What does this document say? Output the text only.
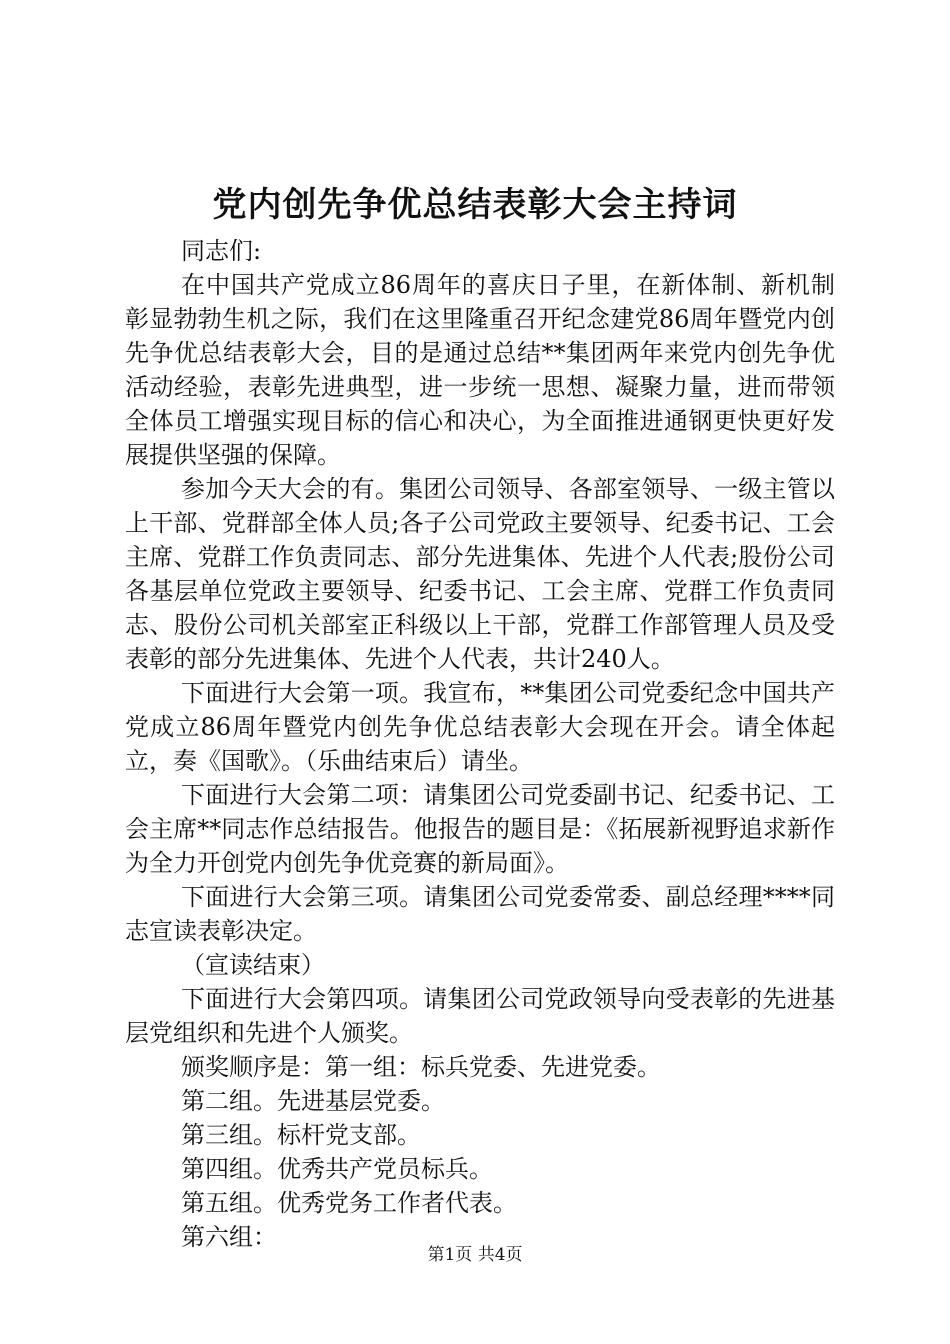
党内创先争优总结表彰大会主持词

同志们:

在中国共产党成立86周年的喜庆日子里，在新体制、新机制彰显勃勃生机之际，我们在这里隆重召开纪念建党86周年暨党内创先争优总结表彰大会，目的是通过总结**集团两年来党内创先争优活动经验，表彰先进典型，进一步统一思想、凝聚力量，进而带领全体员工增强实现目标的信心和决心，为全面推进通钢更快更好发展提供坚强的保障。

参加今天大会的有。集团公司领导、各部室领导、一级主管以上干部、党群部全体人员;各子公司党政主要领导、纪委书记、工会主席、党群工作负责同志、部分先进集体、先进个人代表;股份公司各基层单位党政主要领导、纪委书记、工会主席、党群工作负责同志、股份公司机关部室正科级以上干部，党群工作部管理人员及受表彰的部分先进集体、先进个人代表，共计240人。

下面进行大会第一项。我宣布，**集团公司党委纪念中国共产党成立86周年暨党内创先争优总结表彰大会现在开会。请全体起立，奏《国歌》。（乐曲结束后）请坐。

下面进行大会第二项：请集团公司党委副书记、纪委书记、工会主席**同志作总结报告。他报告的题目是：《拓展新视野追求新作为全力开创党内创先争优竞赛的新局面》。

下面进行大会第三项。请集团公司党委常委、副总经理****同志宣读表彰决定。

（宣读结束）

下面进行大会第四项。请集团公司党政领导向受表彰的先进基层党组织和先进个人颁奖。

颁奖顺序是：第一组：标兵党委、先进党委。

第二组。先进基层党委。

第三组。标杆党支部。

第四组。优秀共产党员标兵。

第五组。优秀党务工作者代表。

第六组：

第1页 共4页
